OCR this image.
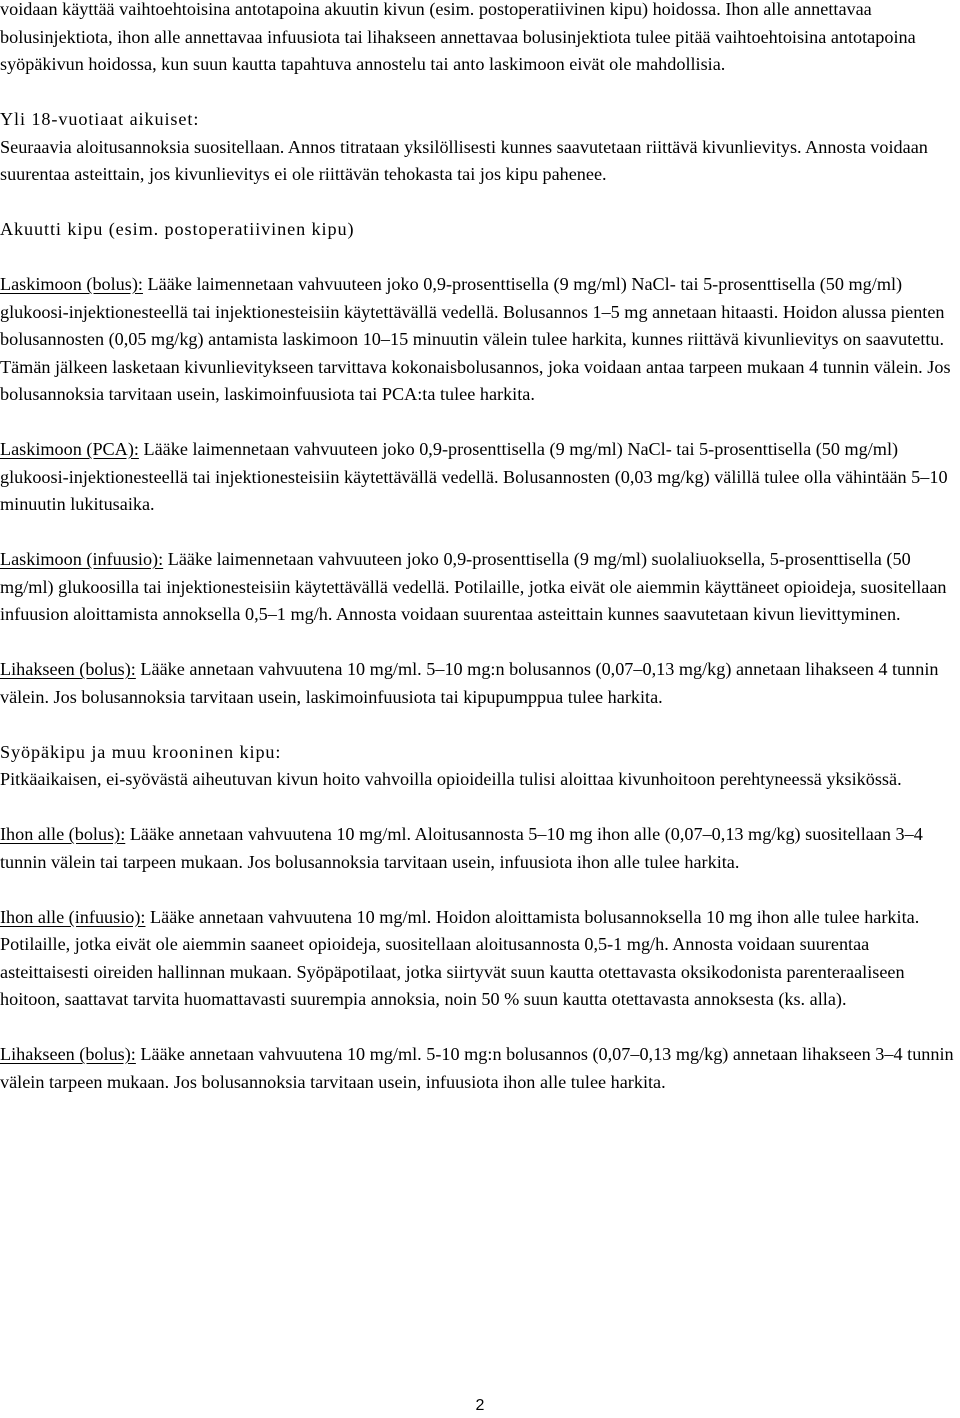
voidaan käyttää vaihtoehtoisina antotapoina akuutin kivun (esim. postoperatiivinen kipu) hoidossa. Ihon alle annettavaa bolusinjektiota, ihon alle annettavaa infuusiota tai lihakseen annettavaa bolusinjektiota tulee pitää vaihtoehtoisina antotapoina syöpäkivun hoidossa, kun suun kautta tapahtuva annostelu tai anto laskimoon eivät ole mahdollisia.

Yli 18-vuotiaat aikuiset:

Seuraavia aloitusannoksia suositellaan. Annos titrataan yksilöllisesti kunnes saavutetaan riittävä kivunlievitys. Annosta voidaan suurentaa asteittain, jos kivunlievitys ei ole riittävän tehokasta tai jos kipu pahenee.

Akuutti kipu (esim. postoperatiivinen kipu)

Laskimoon (bolus): Lääke laimennetaan vahvuuteen joko 0,9-prosenttisella (9 mg/ml) NaCl- tai 5-prosenttisella (50 mg/ml) glukoosi-injektionesteellä tai injektionesteisiin käytettävällä vedellä. Bolusannos 1–5 mg annetaan hitaasti. Hoidon alussa pienten bolusannosten (0,05 mg/kg) antamista laskimoon 10–15 minuutin välein tulee harkita, kunnes riittävä kivunlievitys on saavutettu. Tämän jälkeen lasketaan kivunlievitykseen tarvittava kokonaisbolusannos, joka voidaan antaa tarpeen mukaan 4 tunnin välein. Jos bolusannoksia tarvitaan usein, laskimoinfuusiota tai PCA:ta tulee harkita.

Laskimoon (PCA): Lääke laimennetaan vahvuuteen joko 0,9-prosenttisella (9 mg/ml) NaCl- tai 5-prosenttisella (50 mg/ml) glukoosi-injektionesteellä tai injektionesteisiin käytettävällä vedellä. Bolusannosten (0,03 mg/kg) välillä tulee olla vähintään 5–10 minuutin lukitusaika.

Laskimoon (infuusio): Lääke laimennetaan vahvuuteen joko 0,9-prosenttisella (9 mg/ml) suolaliuoksella, 5-prosenttisella (50 mg/ml) glukoosilla tai injektionesteisiin käytettävällä vedellä. Potilaille, jotka eivät ole aiemmin käyttäneet opioideja, suositellaan infuusion aloittamista annoksella 0,5–1 mg/h. Annosta voidaan suurentaa asteittain kunnes saavutetaan kivun lievittyminen.

Lihakseen (bolus): Lääke annetaan vahvuutena 10 mg/ml. 5–10 mg:n bolusannos (0,07–0,13 mg/kg) annetaan lihakseen 4 tunnin välein. Jos bolusannoksia tarvitaan usein, laskimoinfuusiota tai kipupumppua tulee harkita.

Syöpäkipu ja muu krooninen kipu:

Pitkäaikaisen, ei-syövästä aiheutuvan kivun hoito vahvoilla opioideilla tulisi aloittaa kivunhoitoon perehtyneessä yksikössä.

Ihon alle (bolus): Lääke annetaan vahvuutena 10 mg/ml. Aloitusannosta 5–10 mg ihon alle (0,07–0,13 mg/kg) suositellaan 3–4 tunnin välein tai tarpeen mukaan. Jos bolusannoksia tarvitaan usein, infuusiota ihon alle tulee harkita.

Ihon alle (infuusio): Lääke annetaan vahvuutena 10 mg/ml. Hoidon aloittamista bolusannoksella 10 mg ihon alle tulee harkita. Potilaille, jotka eivät ole aiemmin saaneet opioideja, suositellaan aloitusannosta 0,5-1 mg/h. Annosta voidaan suurentaa asteittaisesti oireiden hallinnan mukaan. Syöpäpotilaat, jotka siirtyvät suun kautta otettavasta oksikodonista parenteraaliseen hoitoon, saattavat tarvita huomattavasti suurempia annoksia, noin 50 % suun kautta otettavasta annoksesta (ks. alla).

Lihakseen (bolus): Lääke annetaan vahvuutena 10 mg/ml. 5-10 mg:n bolusannos (0,07–0,13 mg/kg) annetaan lihakseen 3–4 tunnin välein tarpeen mukaan. Jos bolusannoksia tarvitaan usein, infuusiota ihon alle tulee harkita.

2
